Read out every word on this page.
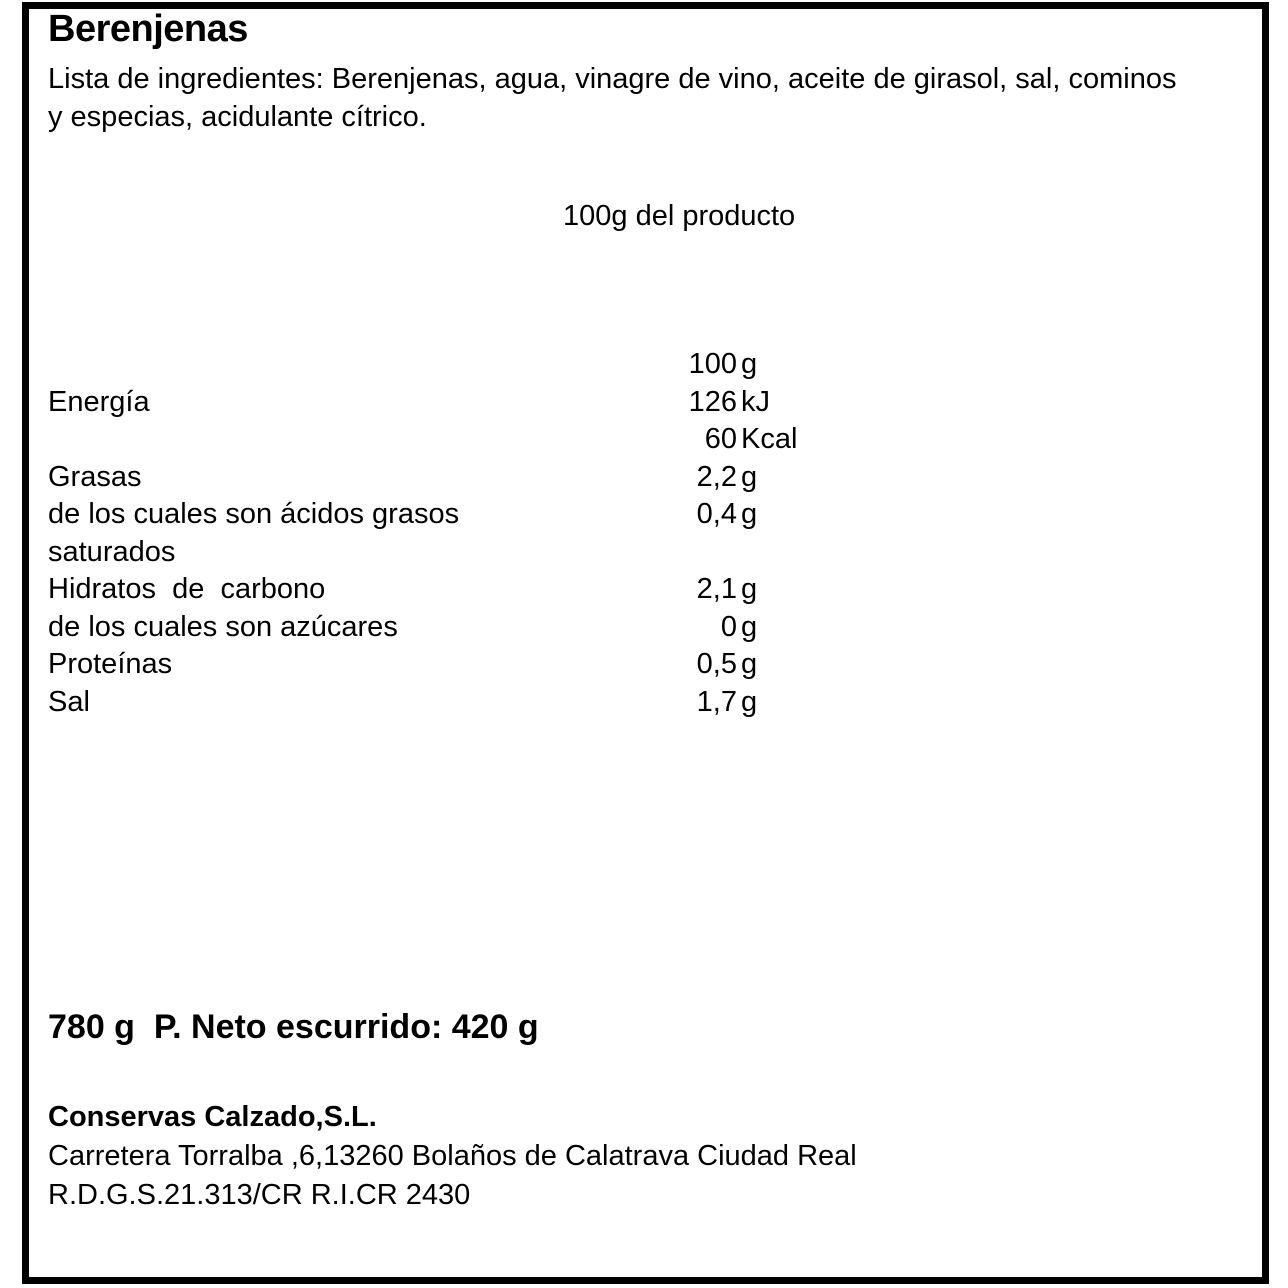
Berenjenas
Lista de ingredientes: Berenjenas, agua, vinagre de vino, aceite de girasol, sal, cominos y especias, acidulante cítrico.
100g del producto
100 g
Energía	126 kJ
60 Kcal
Grasas	2,2 g
de los cuales son ácidos grasos	0,4 g
saturados
Hidratos  de  carbono	2,1 g
de los cuales son azúcares	0 g
Proteínas	0,5 g
Sal	1,7 g
780 g  P. Neto escurrido: 420 g
Conservas Calzado,S.L.
Carretera Torralba ,6,13260 Bolaños de Calatrava Ciudad Real
R.D.G.S.21.313/CR R.I.CR 2430
